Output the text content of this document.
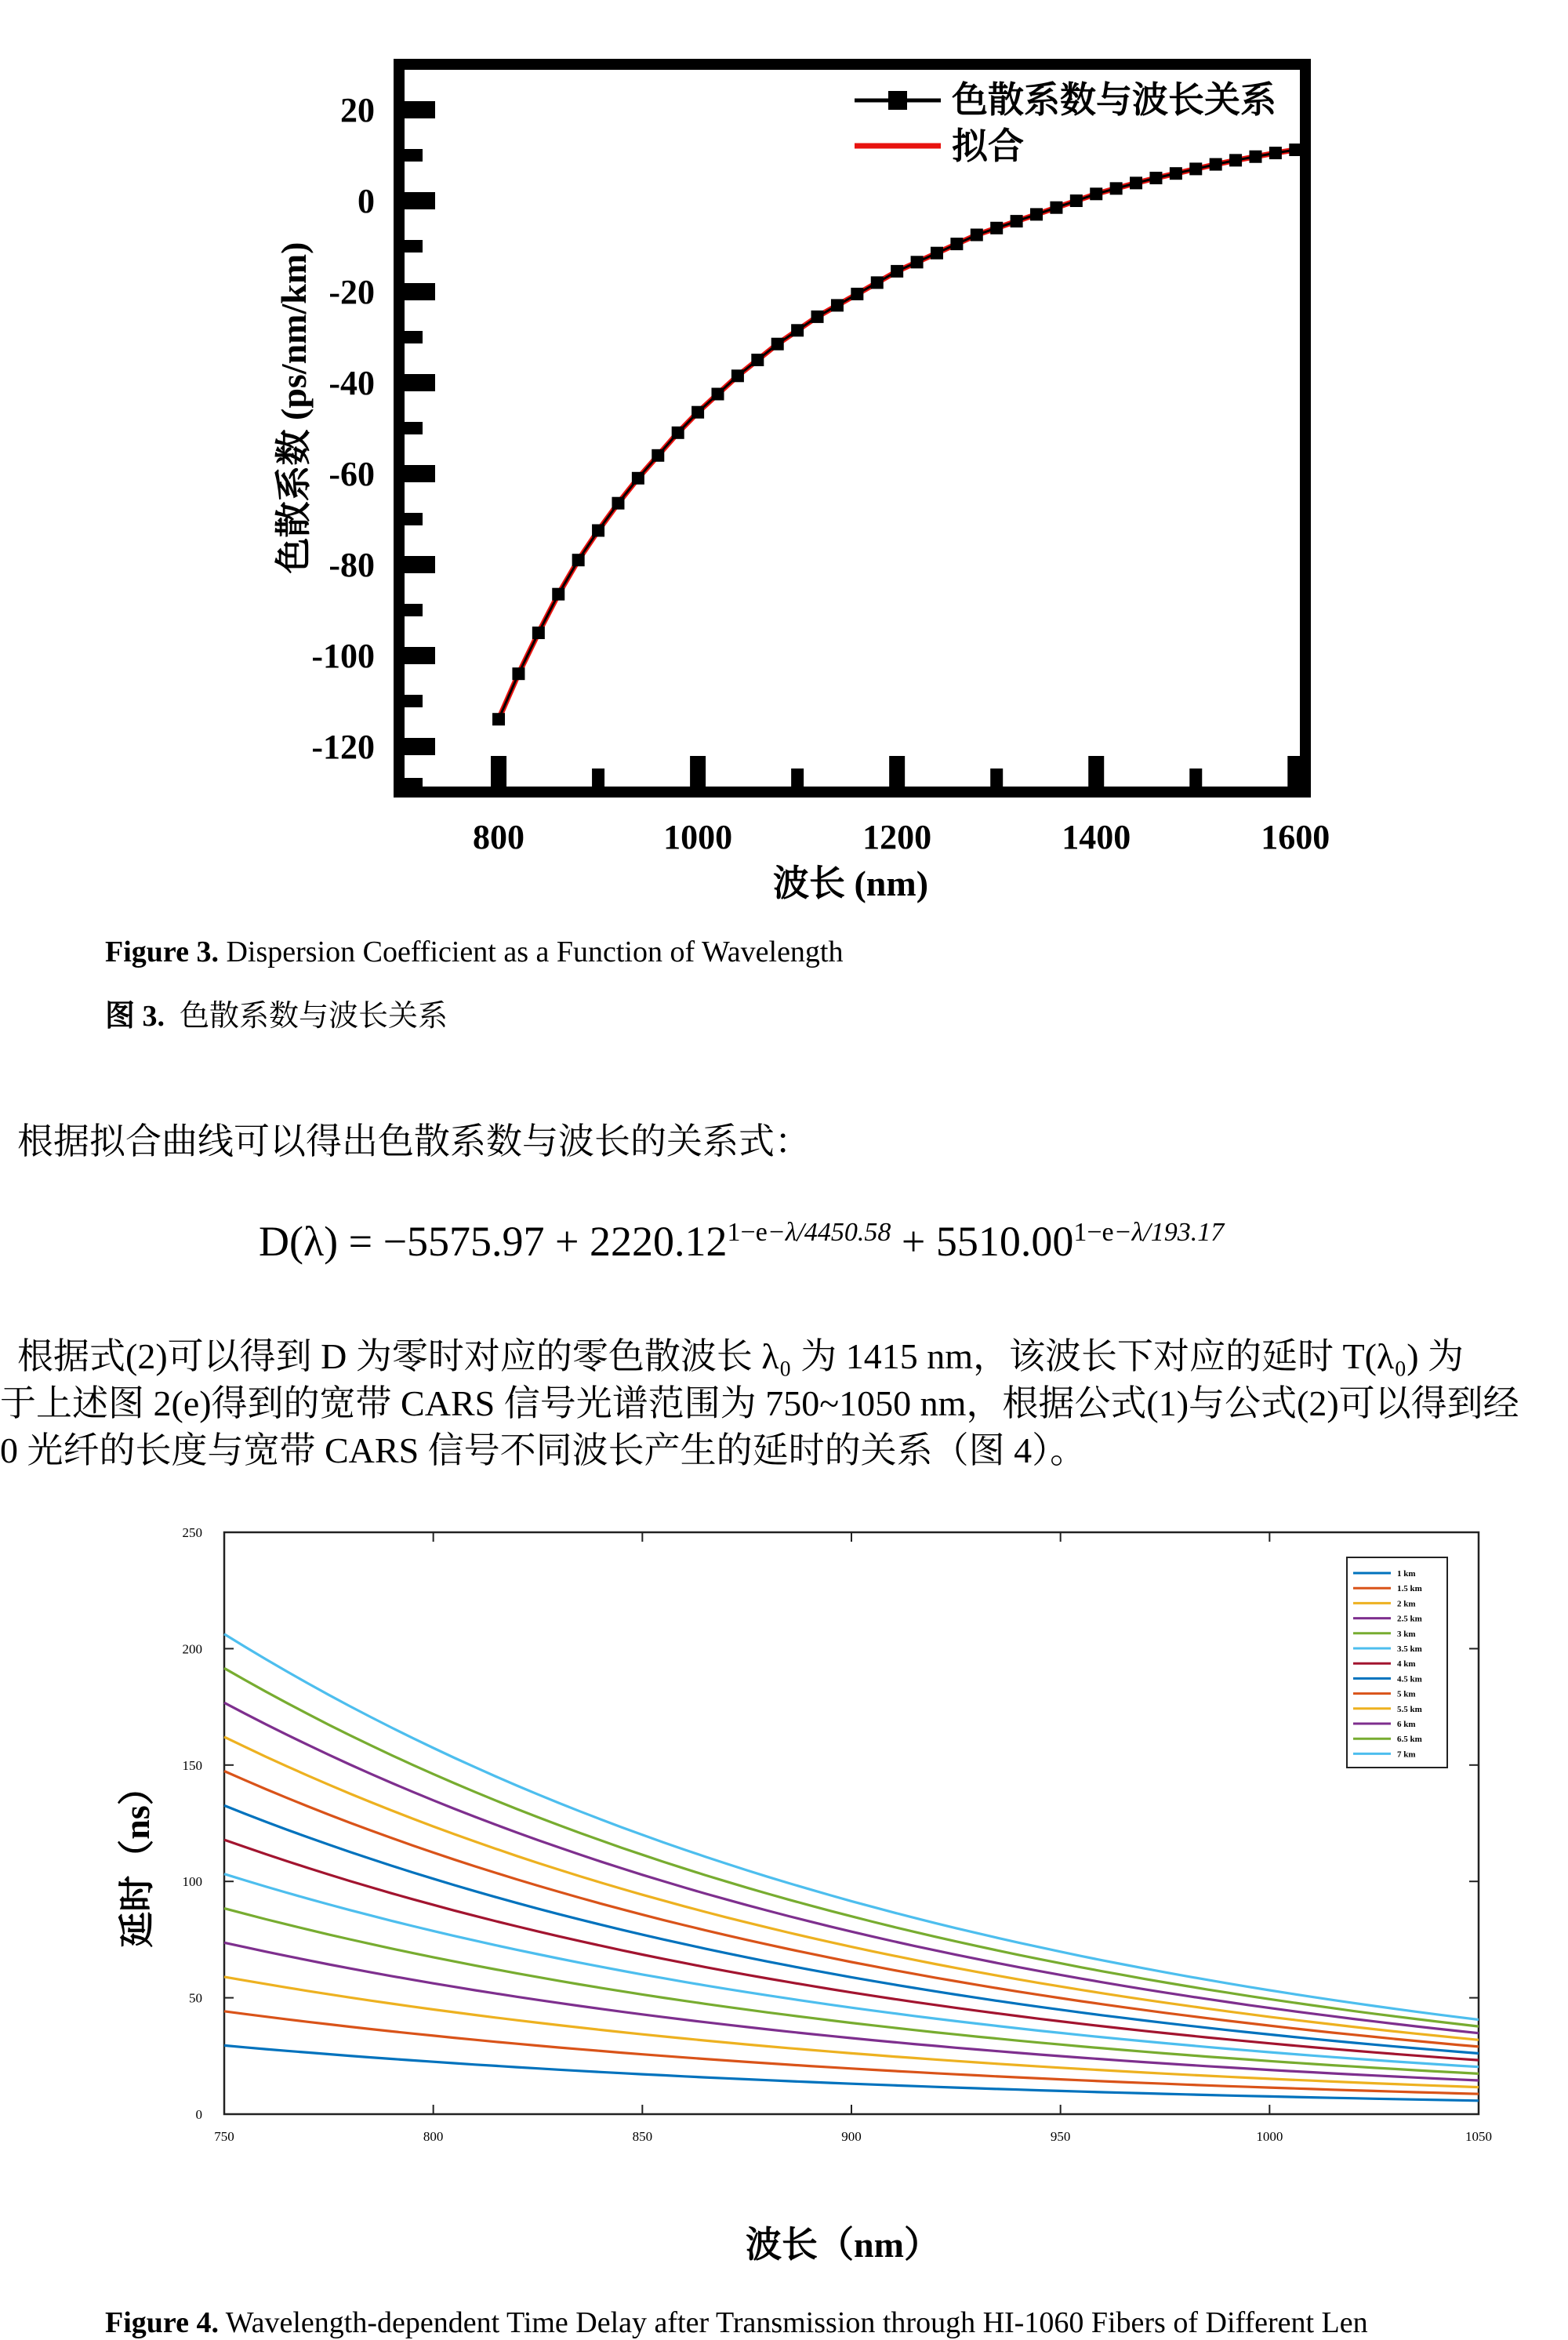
800	1000	1200	1400	1600
20
0
-20
-40
-60
-80
-100
-120
色散系数与波长关系
拟合
波长 (nm)
色散系数 (ps/nm/km)
Figure 3. Dispersion Coefficient as a Function of Wavelength
图 3. 色散系数与波长关系
根据拟合曲线可以得出色散系数与波长的关系式：
$D(\lambda) = -5575.97 + 2220.12^{1-e-\lambda/4450.58} + 5510.00^{1-e-\lambda/193.17}$
根据式(2)可以得到 D 为零时对应的零色散波长 λ₀ 为 1415 nm，该波长下对应的延时 T(λ₀) 为
于上述图 2(e)得到的宽带 CARS 信号光谱范围为 750~1050 nm，根据公式(1)与公式(2)可以得到经
0 光纤的长度与宽带 CARS 信号不同波长产生的延时的关系（图 4）。
750	800	850	900	950	1000	1050
0
50
100
150
200
250
1 km
1.5 km
2 km
2.5 km
3 km
3.5 km
4 km
4.5 km
5 km
5.5 km
6 km
6.5 km
7 km
波长（nm）
延时（ns）
Figure 4. Wavelength-dependent Time Delay after Transmission through HI-1060 Fibers of Different Len
